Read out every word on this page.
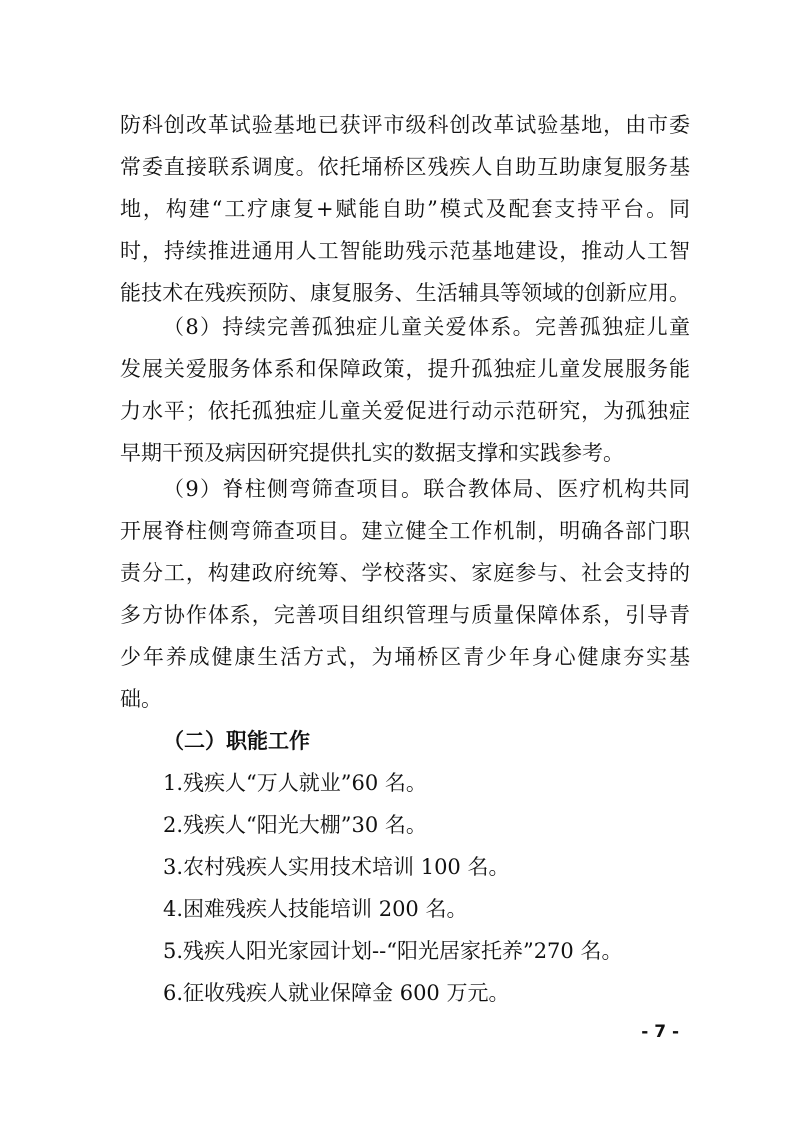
防科创改革试验基地已获评市级科创改革试验基地，由市委
常委直接联系调度。依托埇桥区残疾人自助互助康复服务基
地，构建“工疗康复+赋能自助”模式及配套支持平台。同
时，持续推进通用人工智能助残示范基地建设，推动人工智
能技术在残疾预防、康复服务、生活辅具等领域的创新应用。
（8）持续完善孤独症儿童关爱体系。完善孤独症儿童
发展关爱服务体系和保障政策，提升孤独症儿童发展服务能
力水平；依托孤独症儿童关爱促进行动示范研究，为孤独症
早期干预及病因研究提供扎实的数据支撑和实践参考。
（9）脊柱侧弯筛查项目。联合教体局、医疗机构共同
开展脊柱侧弯筛查项目。建立健全工作机制，明确各部门职
责分工，构建政府统筹、学校落实、家庭参与、社会支持的
多方协作体系，完善项目组织管理与质量保障体系，引导青
少年养成健康生活方式，为埇桥区青少年身心健康夯实基
础。
（二）职能工作
1.残疾人“万人就业”60 名。
2.残疾人“阳光大棚”30 名。
3.农村残疾人实用技术培训 100 名。
4.困难残疾人技能培训 200 名。
5.残疾人阳光家园计划--“阳光居家托养”270 名。
6.征收残疾人就业保障金 600 万元。
- 7 -
